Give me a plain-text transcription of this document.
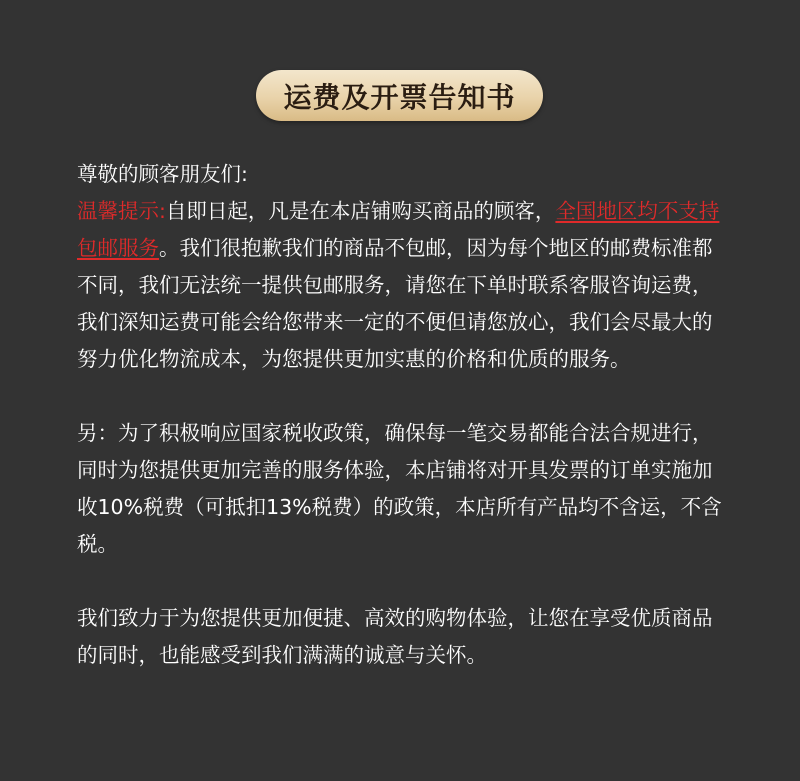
运费及开票告知书

尊敬的顾客朋友们:

温馨提示:自即日起，凡是在本店铺购买商品的顾客，全国地区均不支持包邮服务。我们很抱歉我们的商品不包邮，因为每个地区的邮费标准都不同，我们无法统一提供包邮服务，请您在下单时联系客服咨询运费，我们深知运费可能会给您带来一定的不便但请您放心，我们会尽最大的努力优化物流成本，为您提供更加实惠的价格和优质的服务。

另：为了积极响应国家税收政策，确保每一笔交易都能合法合规进行，同时为您提供更加完善的服务体验，本店铺将对开具发票的订单实施加收10%税费（可抵扣13%税费）的政策，本店所有产品均不含运，不含税。

我们致力于为您提供更加便捷、高效的购物体验，让您在享受优质商品的同时，也能感受到我们满满的诚意与关怀。
